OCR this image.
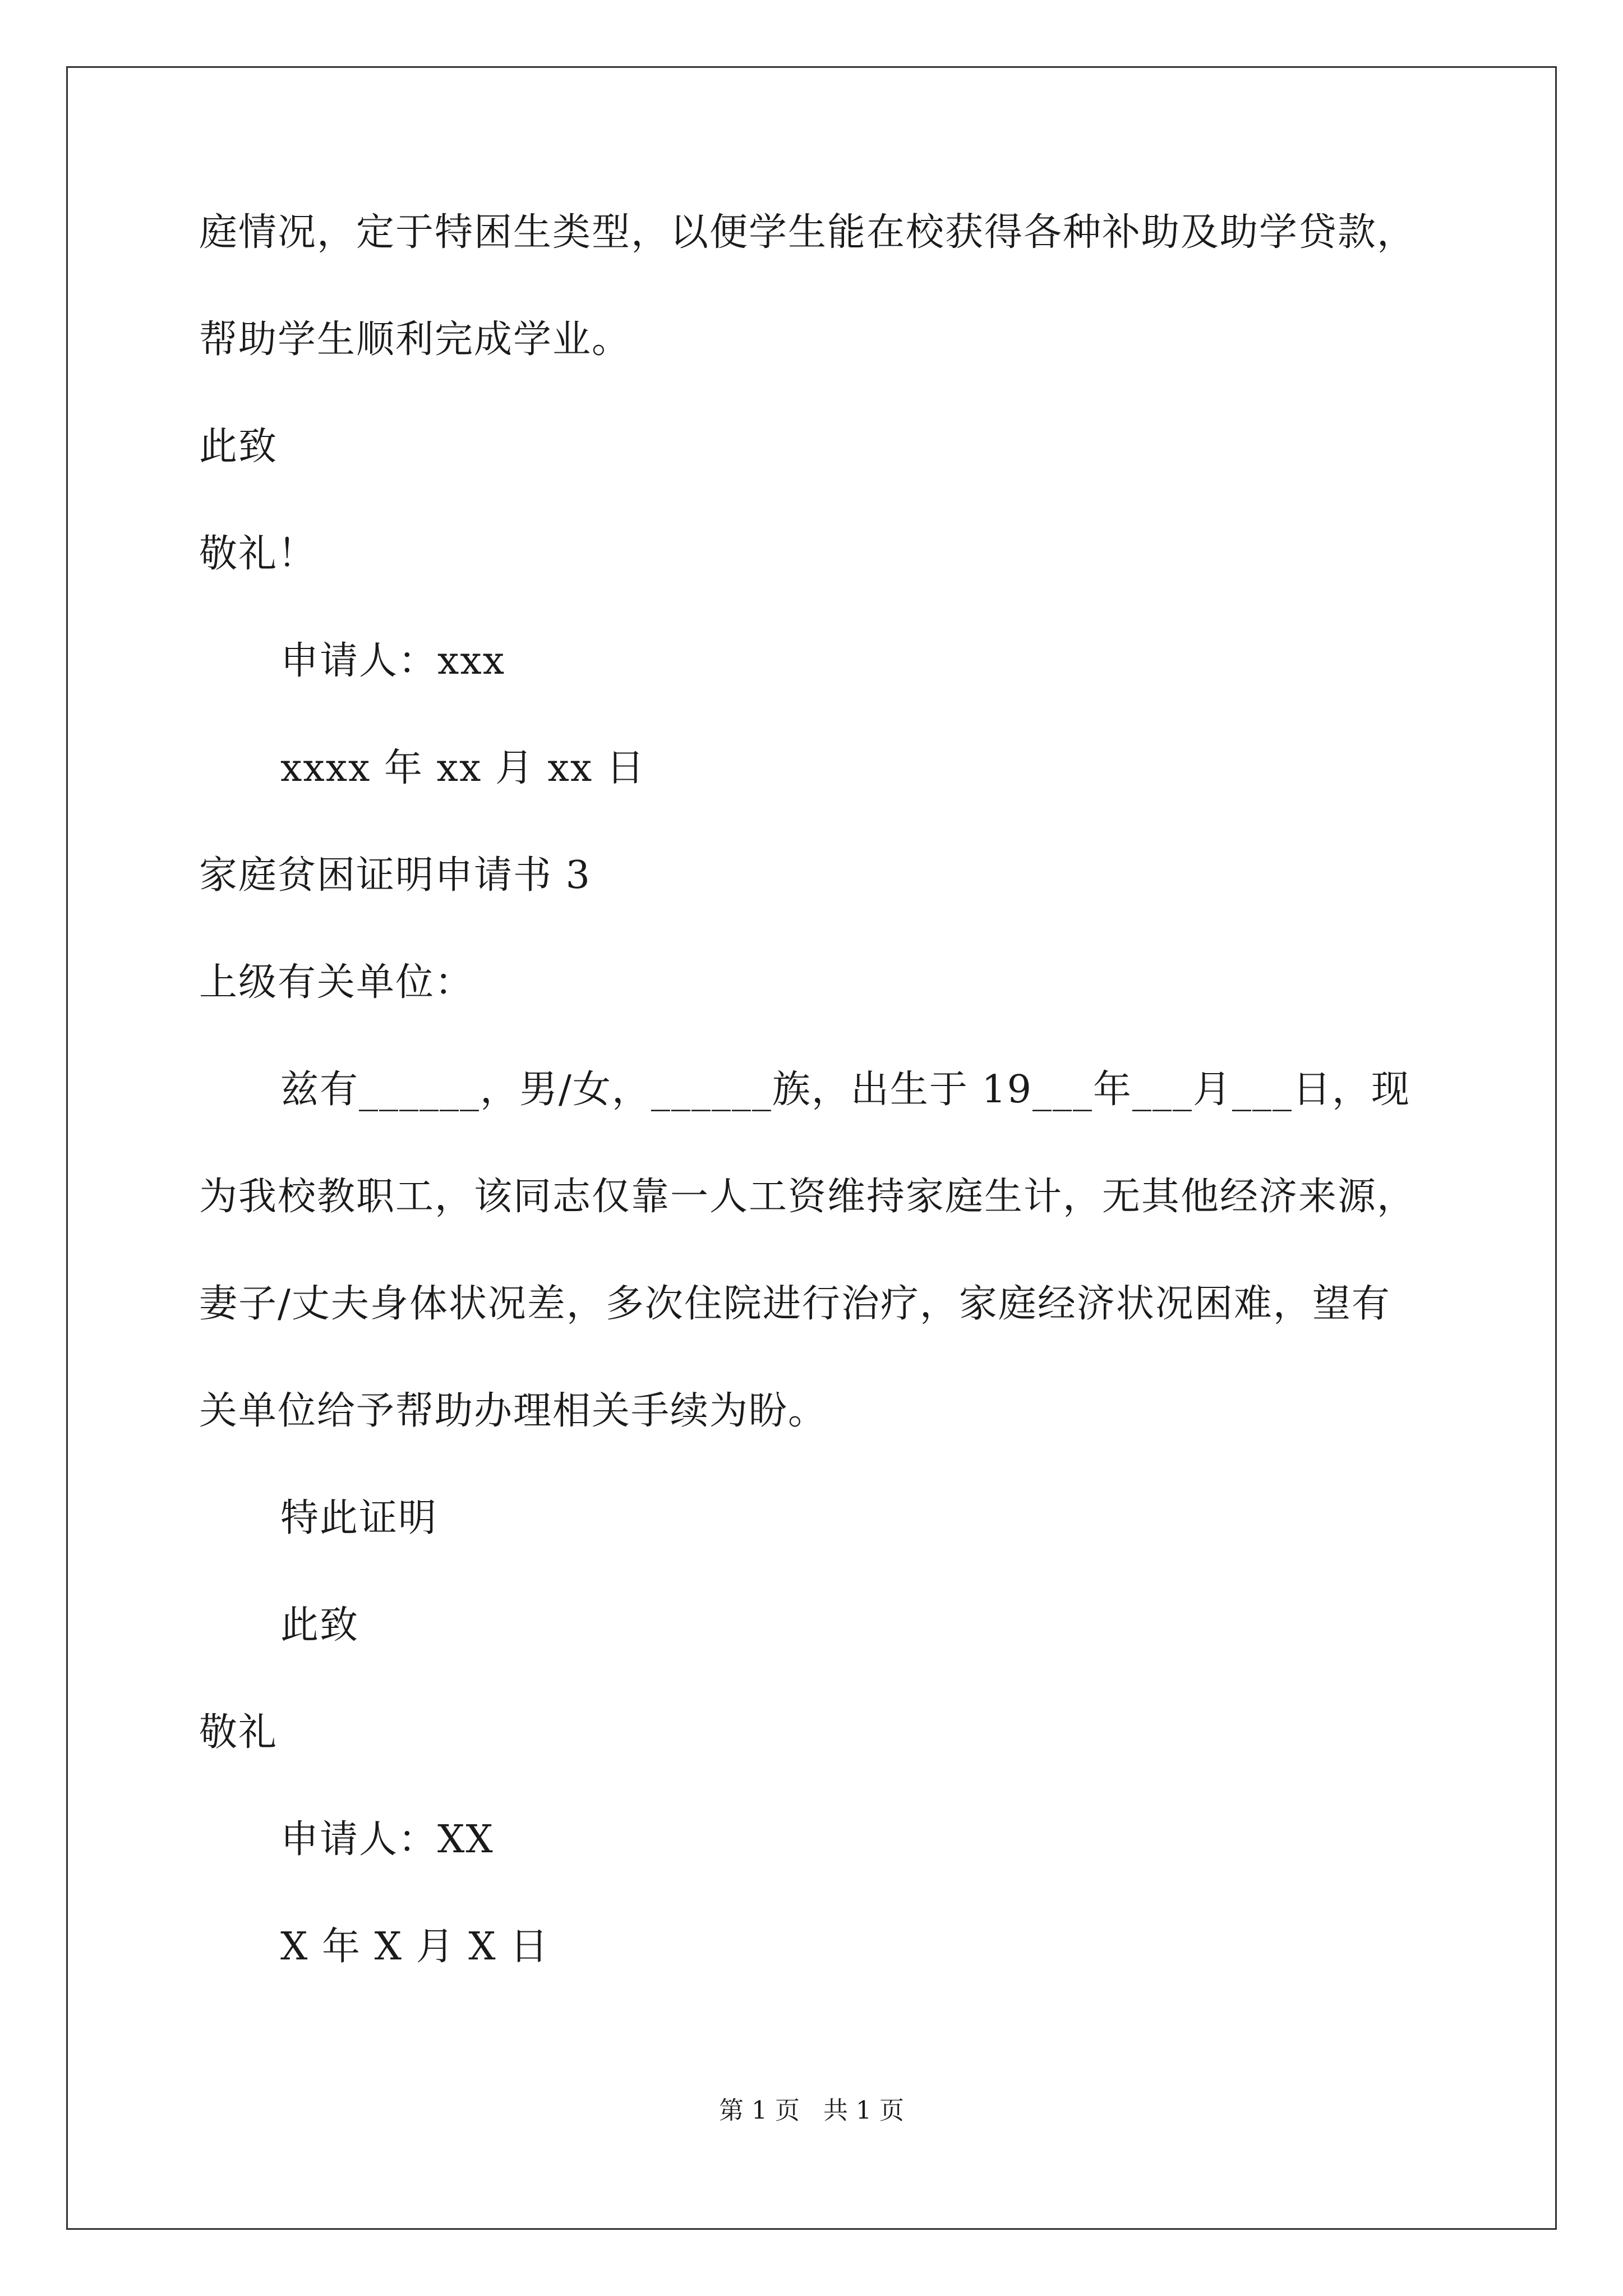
庭情况，定于特困生类型，以便学生能在校获得各种补助及助学贷款，
帮助学生顺利完成学业。
此致
敬礼！
申请人：xxx
xxxx 年 xx 月 xx 日
家庭贫困证明申请书 3
上级有关单位：
兹有______，男/女，______族，出生于 19___年___月___日，现
为我校教职工，该同志仅靠一人工资维持家庭生计，无其他经济来源，
妻子/丈夫身体状况差，多次住院进行治疗，家庭经济状况困难，望有
关单位给予帮助办理相关手续为盼。
特此证明
此致
敬礼
申请人：XX
X 年 X 月 X 日
第 1 页   共 1 页
